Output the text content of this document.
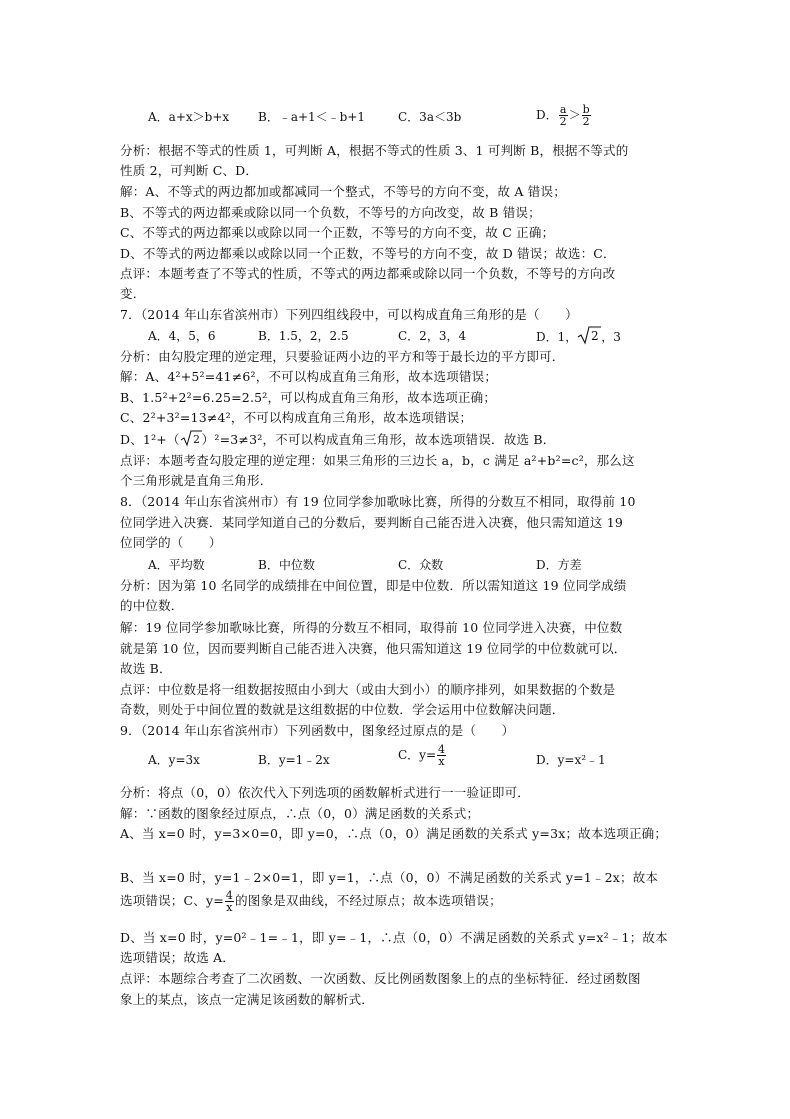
A．a+x＞b+x B．﹣a+1＜﹣b+1	C．3a＜3b	D． $\frac{a}{2} > \frac{b}{2}$
分析：根据不等式的性质 1，可判断 A，根据不等式的性质 3、1 可判断 B，根据不等式的
性质 2，可判断 C、D．
解：A、不等式的两边都加或都减同一个整式，不等号的方向不变，故 A 错误；
B、不等式的两边都乘或除以同一个负数，不等号的方向改变，故 B 错误；
C、不等式的两边都乘以或除以同一个正数，不等号的方向不变，故 C 正确；
D、不等式的两边都乘以或除以同一个正数，不等号的方向不变，故 D 错误；故选：C．
点评：本题考查了不等式的性质，不等式的两边都乘或除以同一个负数，不等号的方向改
变．
7．（2014 年山东省滨州市）下列四组线段中，可以构成直角三角形的是（　　）
A．4，5，6	B．1.5，2，2.5	C．2，3，4	D．1， 2 ，3
分析：由勾股定理的逆定理，只要验证两小边的平方和等于最长边的平方即可．
解：A、4²+5²=41≠6²，不可以构成直角三角形，故本选项错误；
B、1.5²+2²=6.25=2.5²，可以构成直角三角形，故本选项正确；
C、2²+3²=13≠4²，不可以构成直角三角形，故本选项错误；
D、1²+（ 2 ）²=3≠3²，不可以构成直角三角形，故本选项错误．故选 B．
点评：本题考查勾股定理的逆定理：如果三角形的三边长 a，b，c 满足 a²+b²=c²，那么这
个三角形就是直角三角形．
8．（2014 年山东省滨州市）有 19 位同学参加歌咏比赛，所得的分数互不相同，取得前 10
位同学进入决赛．某同学知道自己的分数后，要判断自己能否进入决赛，他只需知道这 19
位同学的（　　）
A．平均数	B．中位数	C．众数	D．方差
分析：因为第 10 名同学的成绩排在中间位置，即是中位数．所以需知道这 19 位同学成绩
的中位数．
解：19 位同学参加歌咏比赛，所得的分数互不相同，取得前 10 位同学进入决赛，中位数
就是第 10 位，因而要判断自己能否进入决赛，他只需知道这 19 位同学的中位数就可以．
故选 B．
点评：中位数是将一组数据按照由小到大（或由大到小）的顺序排列，如果数据的个数是
奇数，则处于中间位置的数就是这组数据的中位数．学会运用中位数解决问题．
9．（2014 年山东省滨州市）下列函数中，图象经过原点的是（　　）
A．y=3x	B．y=1﹣2x	C．$y= \frac{4}{x}$	D．y=x²﹣1
分析：将点（0，0）依次代入下列选项的函数解析式进行一一验证即可．
解：∵函数的图象经过原点，∴点（0，0）满足函数的关系式；
A、当 x=0 时，y=3×0=0，即 y=0，∴点（0，0）满足函数的关系式 y=3x；故本选项正确；
B、当 x=0 时，y=1﹣2×0=1，即 y=1，∴点（0，0）不满足函数的关系式 y=1﹣2x；故本
选项错误；C、$y= \frac{4}{x}$ 的图象是双曲线，不经过原点；故本选项错误；
D、当 x=0 时，y=0²﹣1=﹣1，即 y=﹣1，∴点（0，0）不满足函数的关系式 y=x²﹣1；故本
选项错误；故选 A．
点评：本题综合考查了二次函数、一次函数、反比例函数图象上的点的坐标特征．经过函数图
象上的某点，该点一定满足该函数的解析式．
